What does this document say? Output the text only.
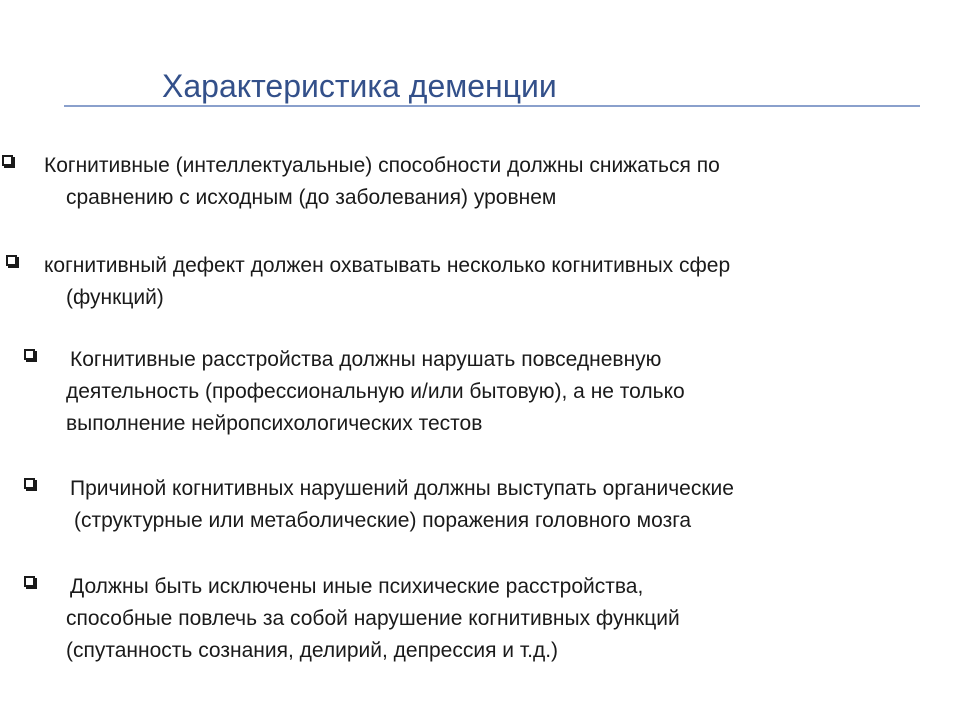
Характеристика деменции
Когнитивные (интеллектуальные) способности должны снижаться по
сравнению с исходным (до заболевания) уровнем
когнитивный дефект должен охватывать несколько когнитивных сфер
(функций)
Когнитивные расстройства должны нарушать повседневную
деятельность (профессиональную и/или бытовую), а не только
выполнение нейропсихологических тестов
Причиной когнитивных нарушений должны выступать органические
(структурные или метаболические) поражения головного мозга
Должны быть исключены иные психические расстройства,
способные повлечь за собой нарушение когнитивных функций
(спутанность сознания, делирий, депрессия и т.д.)
